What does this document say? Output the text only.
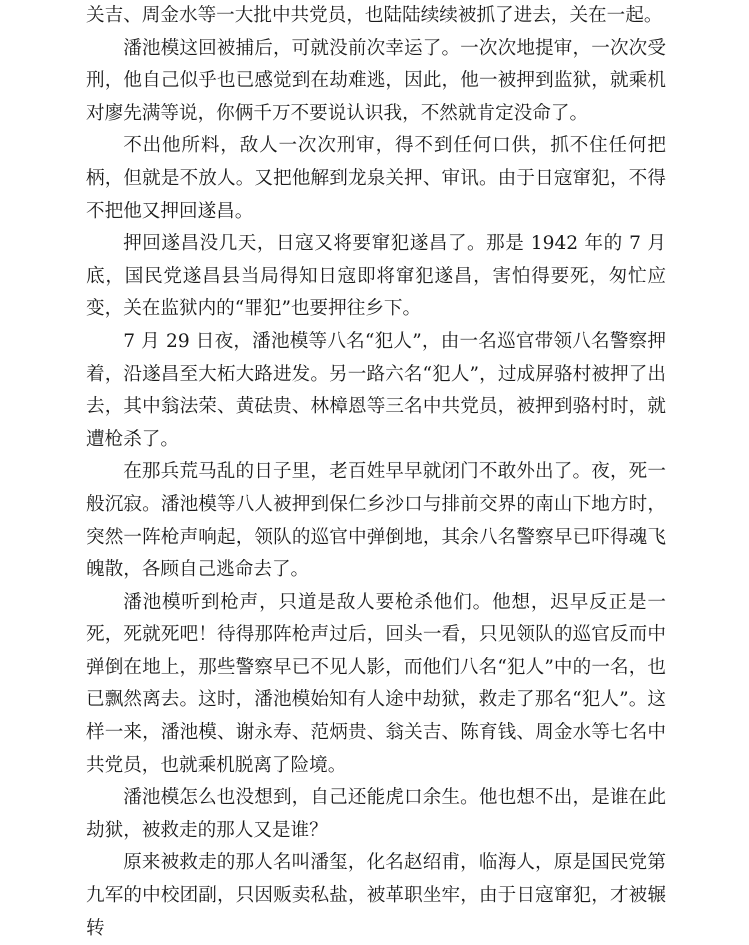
关吉、周金水等一大批中共党员，也陆陆续续被抓了进去，关在一起。

潘池模这回被捕后，可就没前次幸运了。一次次地提审，一次次受刑，他自己似乎也已感觉到在劫难逃，因此，他一被押到监狱，就乘机对廖先满等说，你俩千万不要说认识我，不然就肯定没命了。

不出他所料，敌人一次次刑审，得不到任何口供，抓不住任何把柄，但就是不放人。又把他解到龙泉关押、审讯。由于日寇窜犯，不得不把他又押回遂昌。

押回遂昌没几天，日寇又将要窜犯遂昌了。那是 1942 年的 7 月底，国民党遂昌县当局得知日寇即将窜犯遂昌，害怕得要死，匆忙应变，关在监狱内的“罪犯”也要押往乡下。

7 月 29 日夜，潘池模等八名“犯人”，由一名巡官带领八名警察押着，沿遂昌至大柘大路进发。另一路六名“犯人”，过成屏骆村被押了出去，其中翁法荣、黄砝贵、林樟恩等三名中共党员，被押到骆村时，就遭枪杀了。

在那兵荒马乱的日子里，老百姓早早就闭门不敢外出了。夜，死一般沉寂。潘池模等八人被押到保仁乡沙口与排前交界的南山下地方时，突然一阵枪声响起，领队的巡官中弹倒地，其余八名警察早已吓得魂飞魄散，各顾自己逃命去了。

潘池模听到枪声，只道是敌人要枪杀他们。他想，迟早反正是一死，死就死吧！待得那阵枪声过后，回头一看，只见领队的巡官反而中弹倒在地上，那些警察早已不见人影，而他们八名“犯人”中的一名，也已飘然离去。这时，潘池模始知有人途中劫狱，救走了那名“犯人”。这样一来，潘池模、谢永寿、范炳贵、翁关吉、陈育钱、周金水等七名中共党员，也就乘机脱离了险境。

潘池模怎么也没想到，自己还能虎口余生。他也想不出，是谁在此劫狱，被救走的那人又是谁？

原来被救走的那人名叫潘玺，化名赵绍甫，临海人，原是国民党第九军的中校团副，只因贩卖私盐，被革职坐牢，由于日寇窜犯，才被辗转
